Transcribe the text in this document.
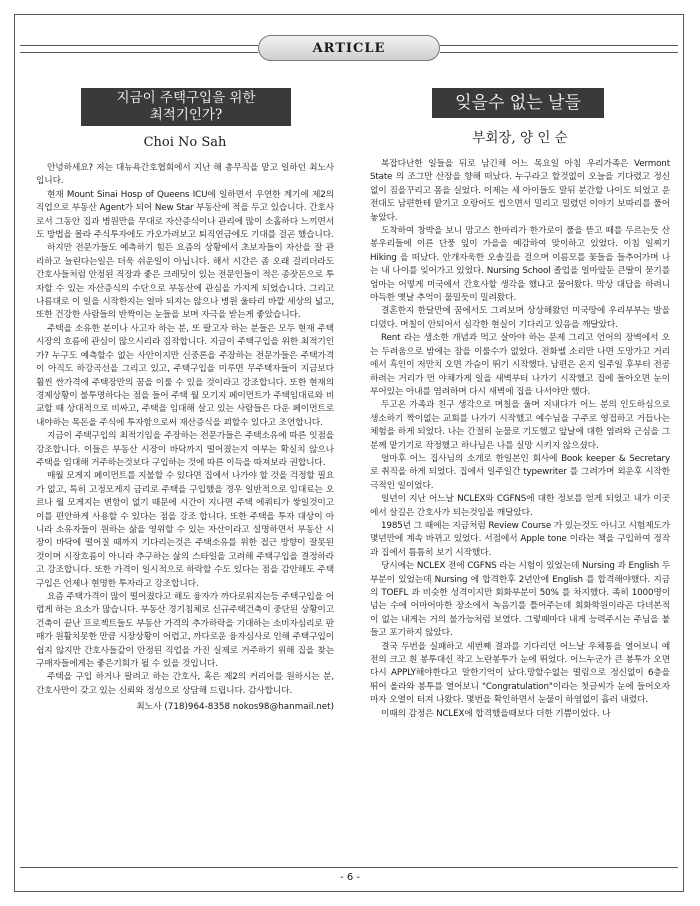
ARTICLE
지금이 주택구입을 위한
최적기인가?
Choi No Sah

안녕하세요? 저는 대뉴욕간호협회에서 지난 해 총무직을 맡고 일하던 최노사입니다.

현재 Mount Sinai Hosp of Queens ICU에 일하면서 우연한 계기에 제2의 직업으로 부동산 Agent가 되어 New Star 부동산에 적을 두고 있습니다. 간호사로서 그동안 집과 병원만을 무대로 자산증식이나 관리에 많이 소홀하다 느끼면서도 방법을 몰라 주식투자에도 가오가려보고 퇴직연금에도 기대를 걸곤 했습니다.

하지만 전문가들도 예측하기 힘든 요즘의 상황에서 초보자들이 자산을 잘 관리하고 늘린다는일은 더욱 쉬운일이 아닙니다. 해서 시간은 좀 오래 걸리더라도 간호사들처럼 안정된 직장과 좋은 크레딧이 있는 전문인들이 적은 종잣돈으로 투자할 수 있는 자산증식의 수단으로 부동산에 관심을 가지게 되었습니다. 그리고 나름대로 이 일을 시작한지는 얼마 되지는 않으나 병원 울타리 바깥 세상의 넓고, 또한 건강한 사람들의 반짝이는 눈들을 보며 자극을 받는게 좋았습니다.

주택을 소유한 분이나 사고자 하는 분, 또 팔고자 하는 분들은 모두 현재 주택시장의 흐름에 관심이 많으시리라 짐작합니다. 지금이 주택구입을 위한 최적기인가? 누구도 예측할수 없는 사안이지만 신중론을 주장하는 전문가들은 주택가격이 아직도 하강곡선을 그리고 있고, 주택구입을 미루면 무주택자들이 지금보다 훨씬 싼가격에 주택장만의 꿈을 이룰 수 있을 것이라고 강조합니다. 또한 현재의 경제상황이 불투명하다는 점을 들어 주택 월 모기지 페이먼트가 주택임대료와 비교할 때 상대적으로 비싸고, 주택을 임대해 살고 있는 사람들은 다운 페이먼트로 내야하는 목돈을 주식에 투자함으로써 재산증식을 꾀할수 있다고 조언합니다.

지금이 주택구입의 최적기임을 주장하는 전문가들은 주택소유에 따른 잇점을 강조합니다. 이들은 부동산 시장이 바닥까지 떨어졌는지 여부는 확실치 않으나 주택을 임대해 거주하는것보다 구입하는 것에 따른 이득을 따져보라 권합니다.

매월 모게지 페이먼트를 지불할 수 있다면 집에서 나가야 할 것을 걱정할 필요가 없고, 특히 고정모게지 금리로 주택을 구입했을 경우 일반적으로 임대료는 오르나 월 모게지는 변함이 없기 때문에 시간이 지나면 주택 에쿼티가 쌓일것이고 이를 편안하게 사용할 수 있다는 점을 강조 합니다. 또한 주택을 투자 대상이 아니라 소유자들이 원하는 삶을 영위할 수 있는 자산이라고 설명하면서 부동산 시장이 바닥에 떨어질 때까지 기다리는것은 주택소유를 위한 접근 방향이 잘못된 것이며 시장흐름이 아니라 추구하는 삶의 스타일을 고려해 주택구입을 결정하라고 강조합니다. 또한 가격이 일시적으로 하락할 수도 있다는 점을 감안해도 주택구입은 언제나 현명한 투자라고 강조합니다.

요즘 주택가격이 많이 떨어졌다고 해도 융자가 까다로워지는등 주택구입을 어렵게 하는 요소가 많습니다. 부동산 경기침체로 신규주택건축이 중단된 상황이고 건축이 끝난 프로젝트들도 부동산 가격의 추가하락을 기대하는 소비자심리로 판매가 원활치못한 만큼 시장상황이 어렵고, 까다로운 융자심사로 인해 주택구입이 쉽지 않지만 간호사들같이 안정된 직업을 가진 실제로 거주하기 위해 집을 찾는 구매자들에게는 좋은기회가 될 수 있을 것입니다.

주택을 구입 하거나 팔려고 하는 간호사, 혹은 제2의 커리어를 원하시는 분, 간호사만이 갖고 있는 신뢰와 정성으로 상담해 드립니다. 감사합니다.

최노사 (718)964-8358 nokos98@hanmail.net)
잊을수 없는 날들
부회장, 양 인 순

복잡다난한 일들을 뒤로 남긴채 어느 목요일 아침 우리가족은 Vermont State 의 조그만 산장을 향해 떠났다. 누구라고 할것없이 오늘을 기다렸고 정신없이 짐을꾸리고 몸을 실었다. 이제는 세 아이들도 말뒤 분간할 나이도 되었고 운전대도 남편한테 맡기고 오랑어도 씹으면서 밀리고 밀렸던 이야기 보따리를 풀어 놓았다.

도착하여 창박을 보니 맘고스 한마리가 한가로이 풀을 뜯고 떼를 두르는듯 산봉우리들에 이른 단풍 잎이 가을을 예감하여 맞이하고 있었다. 이침 일찌기 Hiking 을 떠났다. 안개자욱한 오솔길을 걸으며 이름모를 꽃들을 들추어가며 나는 내 나이를 잊어가고 있었다. Nursing School 졸업을 얼마앞둔 큰딸이 묻기를 엄마는 어떻게 미국에서 간호사할 생각을 했냐고 물어왔다. 막상 대답을 하려니 아득한 옛날 추억이 물밀듯이 밀려왔다.

결혼한지 한달만에 꿈에서도 그려보며 상상해왔던 미국땅에 우리부부는 발을 디뎠다. 며칠이 안되어서 심각한 현실이 기다리고 있음을 깨달았다.

Rent 라는 생소한 개념과 먹고 살아야 하는 문제 그리고 언어의 장벽에서 오는 두려움으로 밤에는 잠을 이룰수가 없었다. 전화벨 소리만 나면 도망가고 거리에서 흑인이 저만치 오면 가슴이 뛰기 시작했다. 남편은 온지 일주일 후부터 전공하려는 거리가 먼 야채가게 일을 새벽부터 나가기 시작했고 집에 돌아오면 눈이 부어있는 아내를 염려하며 다시 새벽에 집을 나서야만 했다.

두고온 가족과 친구 생각으로 며칠을 울며 지내다가 어느 분의 인도하심으로 생소하기 짝이없는 교회를 나가기 시작했고 예수님을 구주로 영접하고 거듭나는 체험을 하게 되었다. 나는 간절히 눈물로 기도했고 앞날에 대한 염려와 근심을 그분께 맡기기로 작정했고 하나님은 나를 실망 시키지 않으셨다.

얼마후 어느 집사님의 소개로 한일본인 회사에 Book keeper & Secretary 로 취직을 하게 되었다. 집에서 일주일간 typewriter 를 그려가며 외운후 시작한 극적인 일이었다.

일년이 지난 어느날 NCLEX와 CGFNS에 대한 정보를 얻게 되었고 내가 이곳에서 살길은 간호사가 되는것임을 깨달았다.

1985년 그 때에는 지금처럼 Review Course 가 있는것도 아니고 시험제도가 몇년만에 계속 바뀌고 있었다. 서점에서 Apple tone 이라는 책을 구입하여 정작과 집에서 틈틈히 보기 시작했다.

당시에는 NCLEX 전에 CGFNS 라는 시험이 있었는데 Nursing 과 English 두 부분이 있었는데 Nursing 에 합격한후 2년안에 English 를 합격해야했다. 지금의 TOEFL 과 비슷한 성격이지만 회화부분이 50% 를 차지했다. 족히 1000명이 넘는 수에 어마어마한 장소에서 녹음기를 틀어주는데 회화학원이라곤 다녀본적이 없는 내게는 거의 불가능처럼 보였다. 그렇때마다 내게 능력주시는 주님을 붙들고 포기하지 않았다.

결국 두번을 실패하고 세번째 결과를 기다리던 어느날 우체통을 열어보니 예전의 크고 흰 봉투대신 작고 노란봉투가 눈에 뛰었다. 어느누군가 큰 봉투가 오면 다시 APPLY해야한다고 말한기억이 났다.망할수없는 떨림으로 정신없이 6층을 뛰어 올라와 봉투를 열어보니 "Congratulation"이라는 첫글씨가 눈에 들어오자마자 오열이 터져 나왔다. 몇번을 확인하면서 눈물이 하염없이 흘러 내렸다.

이때의 감정은 NCLEX에 합격했을때보다 더한 기쁨이었다. 나

- 6 -
